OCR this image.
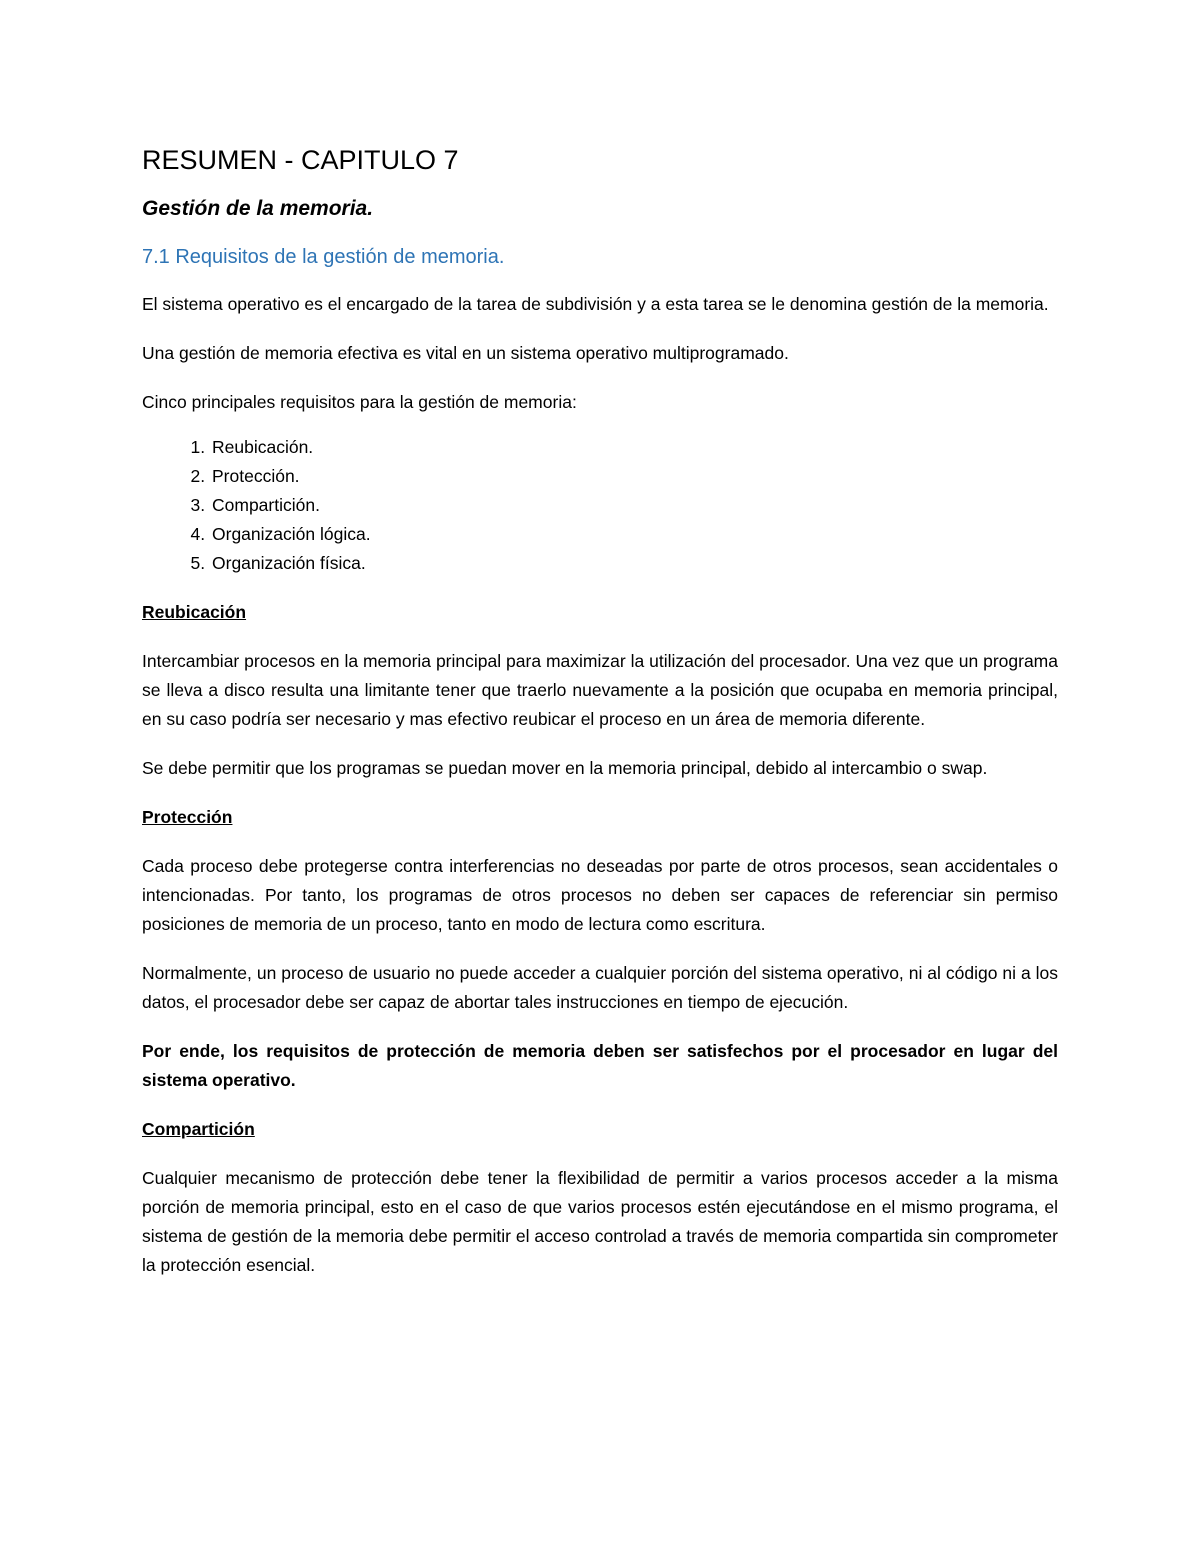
RESUMEN - CAPITULO 7
Gestión de la memoria.
7.1 Requisitos de la gestión de memoria.

El sistema operativo es el encargado de la tarea de subdivisión y a esta tarea se le denomina gestión de la memoria.

Una gestión de memoria efectiva es vital en un sistema operativo multiprogramado.

Cinco principales requisitos para la gestión de memoria:

1. Reubicación.
2. Protección.
3. Compartición.
4. Organización lógica.
5. Organización física.
Reubicación

Intercambiar procesos en la memoria principal para maximizar la utilización del procesador. Una vez que un programa se lleva a disco resulta una limitante tener que traerlo nuevamente a la posición que ocupaba en memoria principal, en su caso podría ser necesario y mas efectivo reubicar el proceso en un área de memoria diferente.

Se debe permitir que los programas se puedan mover en la memoria principal, debido al intercambio o swap.

Protección

Cada proceso debe protegerse contra interferencias no deseadas por parte de otros procesos, sean accidentales o intencionadas. Por tanto, los programas de otros procesos no deben ser capaces de referenciar sin permiso posiciones de memoria de un proceso, tanto en modo de lectura como escritura.

Normalmente, un proceso de usuario no puede acceder a cualquier porción del sistema operativo, ni al código ni a los datos, el procesador debe ser capaz de abortar tales instrucciones en tiempo de ejecución.

Por ende, los requisitos de protección de memoria deben ser satisfechos por el procesador en lugar del sistema operativo.

Compartición

Cualquier mecanismo de protección debe tener la flexibilidad de permitir a varios procesos acceder a la misma porción de memoria principal, esto en el caso de que varios procesos estén ejecutándose en el mismo programa, el sistema de gestión de la memoria debe permitir el acceso controlad a través de memoria compartida sin comprometer la protección esencial.
